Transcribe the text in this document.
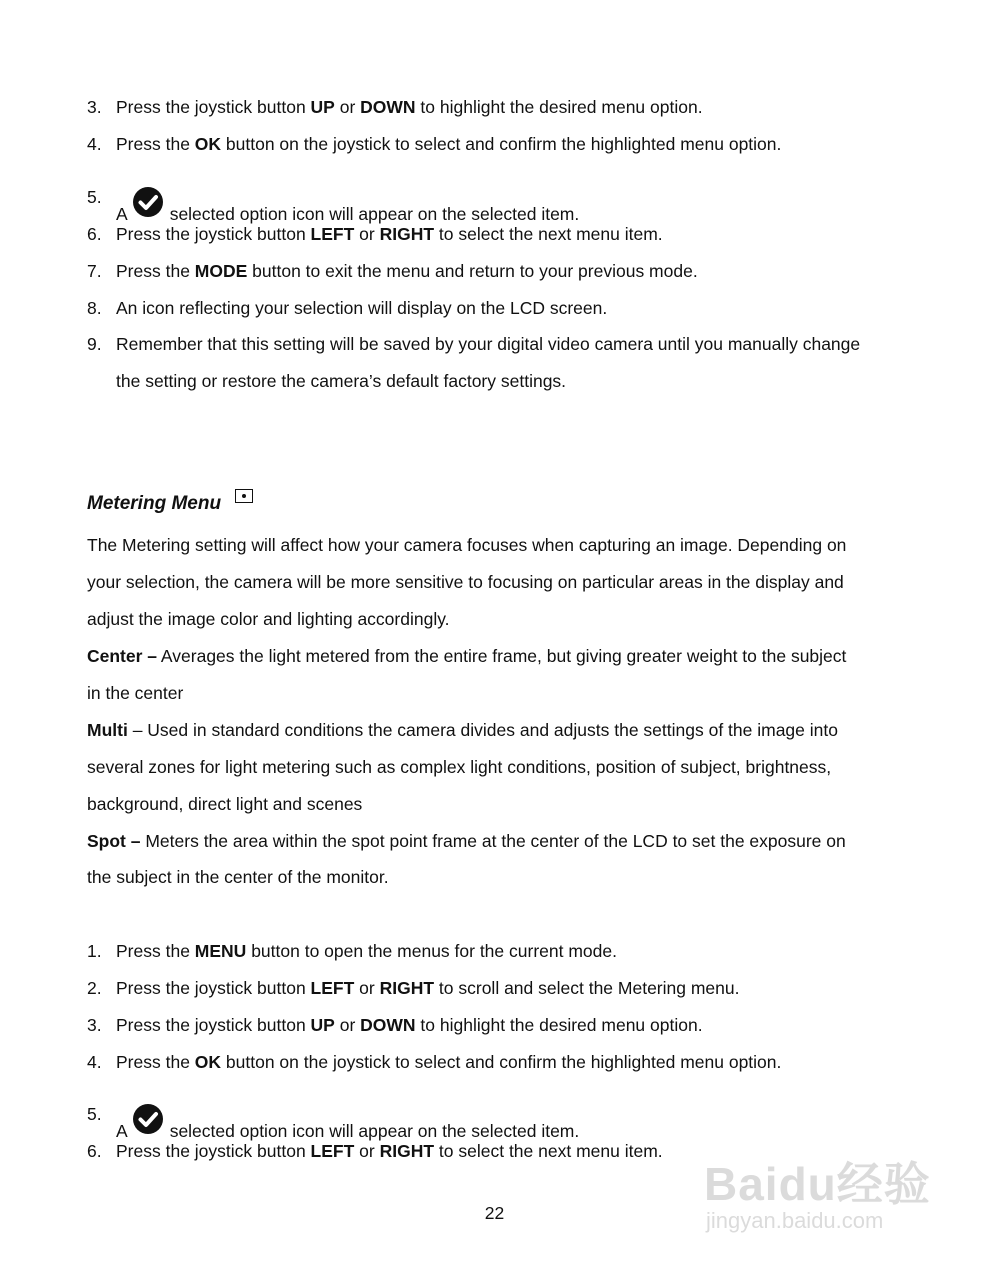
3. Press the joystick button UP or DOWN to highlight the desired menu option.
4. Press the OK button on the joystick to select and confirm the highlighted menu option.
5.
A selected option icon will appear on the selected item.
6. Press the joystick button LEFT or RIGHT to select the next menu item.
7. Press the MODE button to exit the menu and return to your previous mode.
8. An icon reflecting your selection will display on the LCD screen.
9. Remember that this setting will be saved by your digital video camera until you manually change
the setting or restore the camera’s default factory settings.
Metering Menu
The Metering setting will affect how your camera focuses when capturing an image. Depending on
your selection, the camera will be more sensitive to focusing on particular areas in the display and
adjust the image color and lighting accordingly.
Center – Averages the light metered from the entire frame, but giving greater weight to the subject
in the center
Multi – Used in standard conditions the camera divides and adjusts the settings of the image into
several zones for light metering such as complex light conditions, position of subject, brightness,
background, direct light and scenes
Spot – Meters the area within the spot point frame at the center of the LCD to set the exposure on
the subject in the center of the monitor.
1. Press the MENU button to open the menus for the current mode.
2. Press the joystick button LEFT or RIGHT to scroll and select the Metering menu.
3. Press the joystick button UP or DOWN to highlight the desired menu option.
4. Press the OK button on the joystick to select and confirm the highlighted menu option.
5.
A selected option icon will appear on the selected item.
6. Press the joystick button LEFT or RIGHT to select the next menu item.
Baidu经验
jingyan.baidu.com
22
